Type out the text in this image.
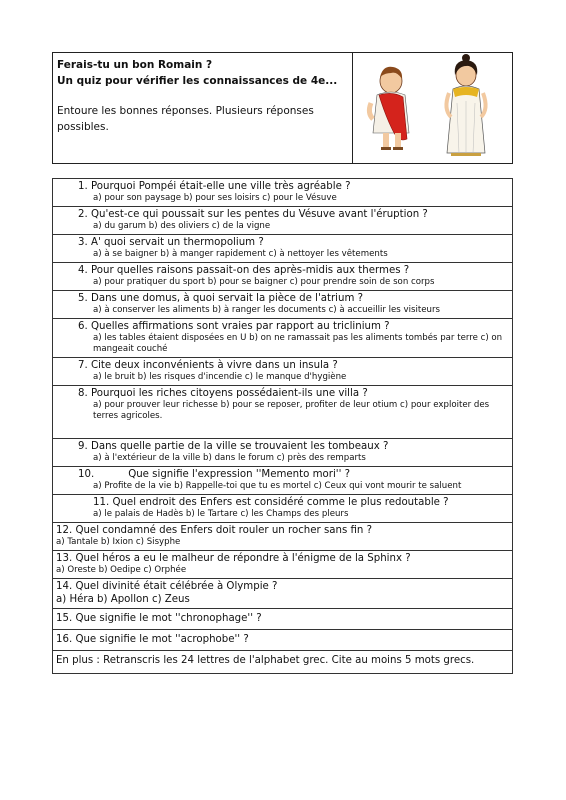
Ferais-tu un bon Romain ?
Un quiz pour vérifier les connaissances de 4e...
Entoure les bonnes réponses. Plusieurs réponses possibles.
1. Pourquoi Pompéi était-elle une ville très agréable ?
a) pour son paysage b) pour ses loisirs c) pour le Vésuve
2. Qu'est-ce qui poussait sur les pentes du Vésuve avant l'éruption ?
a) du garum b) des oliviers c) de la vigne
3. A' quoi servait un thermopolium ?
a) à se baigner b) à manger rapidement c) à nettoyer les vêtements
4. Pour quelles raisons passait-on des après-midis aux thermes ?
a) pour pratiquer du sport b) pour se baigner c) pour prendre soin de son corps
5. Dans une domus, à quoi servait la pièce de l'atrium ?
a) à conserver les aliments b) à ranger les documents c) à accueillir les visiteurs
6. Quelles affirmations sont vraies par rapport au triclinium ?
a) les tables étaient disposées en U b) on ne ramassait pas les aliments tombés par terre c) on mangeait couché
7. Cite deux inconvénients à vivre dans un insula ?
a) le bruit b) les risques d'incendie c) le manque d'hygiène
8. Pourquoi les riches citoyens possédaient-ils une villa ?
a) pour prouver leur richesse b) pour se reposer, profiter de leur otium c) pour exploiter des terres agricoles.
9. Dans quelle partie de la ville se trouvaient les tombeaux ?
a) à l'extérieur de la ville b) dans le forum c) près des remparts
10.	Que signifie l'expression ''Memento mori'' ?
a) Profite de la vie b) Rappelle-toi que tu es mortel c) Ceux qui vont mourir te saluent
11. Quel endroit des Enfers est considéré comme le plus redoutable ?
a) le palais de Hadès b) le Tartare c) les Champs des pleurs
12. Quel condamné des Enfers doit rouler un rocher sans fin ?
a) Tantale b) Ixion c) Sisyphe
13. Quel héros a eu le malheur de répondre à l'énigme de la Sphinx ?
a) Oreste b) Oedipe c) Orphée
14. Quel divinité était célébrée à Olympie ?
a) Héra b) Apollon c) Zeus
15. Que signifie le mot ''chronophage'' ?
16. Que signifie le mot ''acrophobe'' ?
En plus : Retranscris les 24 lettres de l'alphabet grec. Cite au moins 5 mots grecs.
